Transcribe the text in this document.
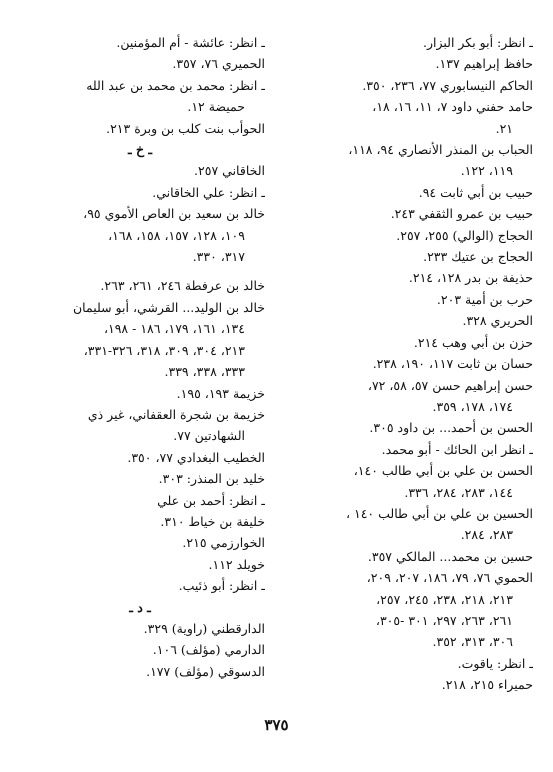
ـ انظر: أبو بكر البزار.
حافظ إبراهيم ١٣٧.
الحاكم النيسابوري ٧٧، ٢٣٦، ٣٥٠.
حامد حفني داود ٧، ١١، ١٦، ١٨،
٢١.
الحباب بن المنذر الأنصاري ٩٤، ١١٨،
١١٩، ١٢٢.
حبيب بن أبي ثابت ٩٤.
حبيب بن عمرو الثقفي ٢٤٣.
الحجاج (الوالي) ٢٥٥، ٢٥٧.
الحجاج بن عتيك ٢٣٣.
حذيفة بن بدر ١٢٨، ٢١٤.
حرب بن أمية ٢٠٣.
الحريري ٣٢٨.
حزن بن أبي وهب ٢١٤.
حسان بن ثابت ١١٧، ١٩٠، ٢٣٨.
حسن إبراهيم حسن ٥٧، ٥٨، ٧٢،
١٧٤، ١٧٨، ٣٥٩.
الحسن بن أحمد... بن داود ٣٠٥.
ـ انظر ابن الحائك - أبو محمد.
الحسن بن علي بن أبي طالب ١٤٠،
١٤٤، ٢٨٣، ٢٨٤، ٣٣٦.
الحسين بن علي بن أبي طالب ١٤٠ ،
٢٨٣، ٢٨٤.
حسين بن محمد... المالكي ٣٥٧.
الحموي ٧٦، ٧٩، ١٨٦، ٢٠٧، ٢٠٩،
٢١٣، ٢١٨، ٢٣٨، ٢٤٥، ٢٥٧،
٢٦١، ٢٦٣، ٢٩٧، ٣٠١ -٣٠٥،
٣٠٦، ٣١٣، ٣٥٢.
ـ انظر: ياقوت.
حميراء ٢١٥، ٢١٨.
ـ انظر: عائشة - أم المؤمنين.
الحميري ٧٦، ٣٥٧.
ـ انظر: محمد بن محمد بن عبد الله
حميضة ١٢.
الحوأب بنت كلب بن وبرة ٢١٣.
ـ خ ـ
الخاقاني ٢٥٧.
ـ انظر: علي الخاقاني.
خالد بن سعيد بن العاص الأموي ٩٥،
١٠٩، ١٢٨، ١٥٧، ١٥٨، ١٦٨،
٣١٧، ٣٣٠.
خالد بن عرفطة ٢٤٦، ٢٦١، ٢٦٣.
خالد بن الوليد... القرشي، أبو سليمان
١٣٤، ١٦١، ١٧٩، ١٨٦ - ١٩٨،
٢١٣، ٣٠٤، ٣٠٩، ٣١٨، ٣٢٦-٣٣١،
٣٣٣، ٣٣٨، ٣٣٩.
خزيمة ١٩٣، ١٩٥.
خزيمة بن شجرة العقفاني، غير ذي
الشهادتين ٧٧.
الخطيب البغدادي ٧٧، ٣٥٠.
خليد بن المنذر: ٣٠٣.
ـ انظر: أحمد بن علي
خليفة بن خياط ٣١٠.
الخوارزمي ٢١٥.
خويلد ١١٢.
ـ انظر: أبو ذئيب.
ـ د ـ
الدارقطني (راوية) ٣٢٩.
الدارمي (مؤلف) ١٠٦.
الدسوقي (مؤلف) ١٧٧.
٣٧٥
